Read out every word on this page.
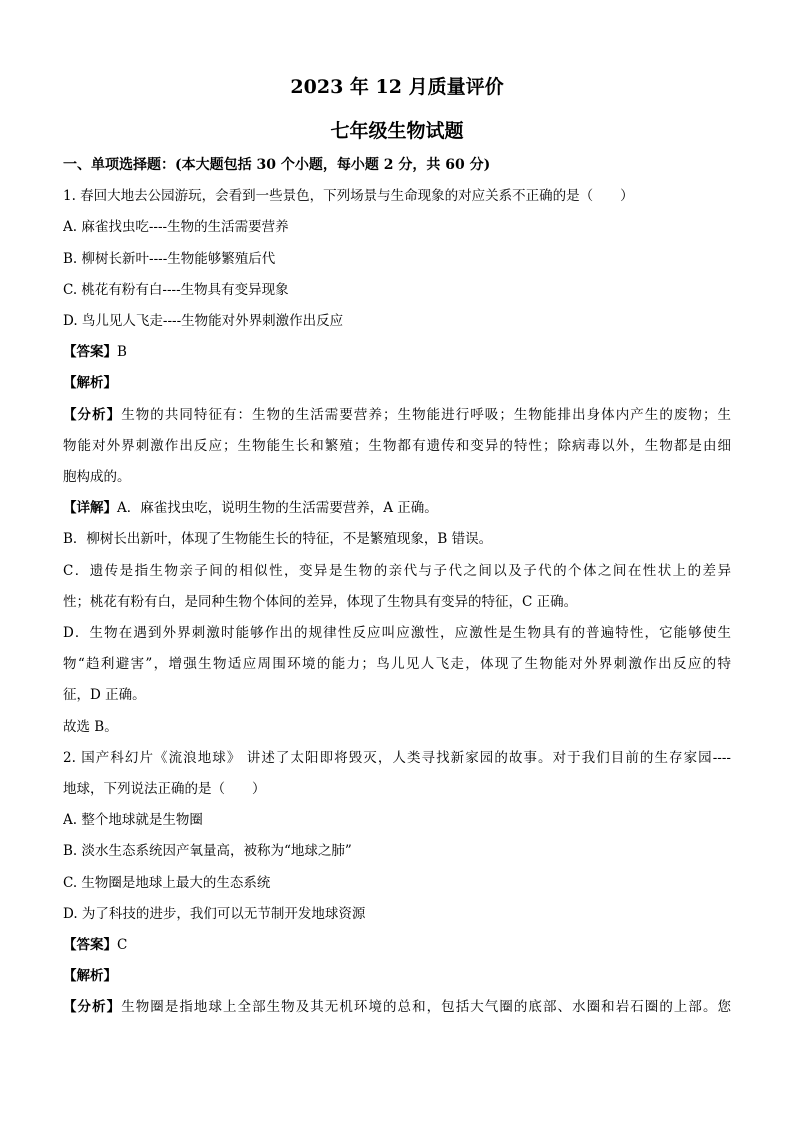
2023 年 12 月质量评价
七年级生物试题
一、单项选择题：(本大题包括 30 个小题，每小题 2 分，共 60 分)
1. 春回大地去公园游玩，会看到一些景色，下列场景与生命现象的对应关系不正确的是（　　）
A. 麻雀找虫吃----生物的生活需要营养
B. 柳树长新叶----生物能够繁殖后代
C. 桃花有粉有白----生物具有变异现象
D. 鸟儿见人飞走----生物能对外界刺激作出反应
【答案】B
【解析】
【分析】生物的共同特征有：生物的生活需要营养；生物能进行呼吸；生物能排出身体内产生的废物；生
物能对外界刺激作出反应；生物能生长和繁殖；生物都有遗传和变异的特性；除病毒以外，生物都是由细
胞构成的。
【详解】A．麻雀找虫吃，说明生物的生活需要营养，A 正确。
B．柳树长出新叶，体现了生物能生长的特征，不是繁殖现象，B 错误。
C．遗传是指生物亲子间的相似性，变异是生物的亲代与子代之间以及子代的个体之间在性状上的差异
性；桃花有粉有白，是同种生物个体间的差异，体现了生物具有变异的特征，C 正确。
D．生物在遇到外界刺激时能够作出的规律性反应叫应激性，应激性是生物具有的普遍特性，它能够使生
物“趋利避害”，增强生物适应周围环境的能力；鸟儿见人飞走，体现了生物能对外界刺激作出反应的特
征，D 正确。
故选 B。
2. 国产科幻片《流浪地球》 讲述了太阳即将毁灭，人类寻找新家园的故事。对于我们目前的生存家园----
地球，下列说法正确的是（　　）
A. 整个地球就是生物圈
B. 淡水生态系统因产氧量高，被称为“地球之肺”
C. 生物圈是地球上最大的生态系统
D. 为了科技的进步，我们可以无节制开发地球资源
【答案】C
【解析】
【分析】生物圈是指地球上全部生物及其无机环境的总和，包括大气圈的底部、水圈和岩石圈的上部。您
